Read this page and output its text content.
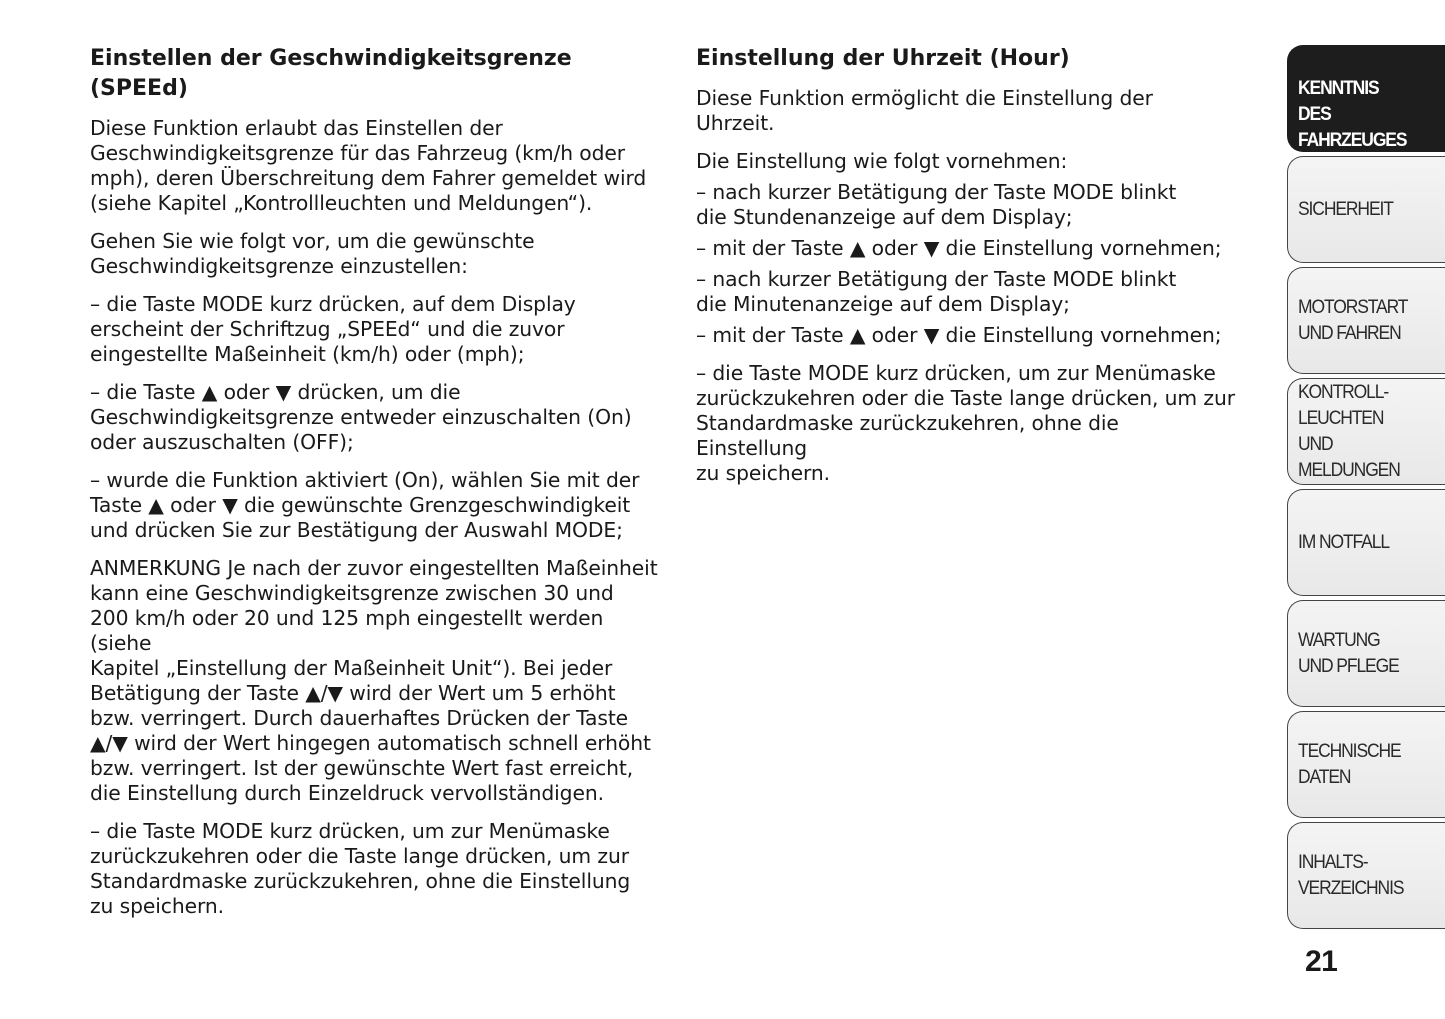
Einstellen der Geschwindigkeitsgrenze (SPEEd)

Diese Funktion erlaubt das Einstellen der
Geschwindigkeitsgrenze für das Fahrzeug (km/h oder
mph), deren Überschreitung dem Fahrer gemeldet wird
(siehe Kapitel „Kontrollleuchten und Meldungen“).

Gehen Sie wie folgt vor, um die gewünschte
Geschwindigkeitsgrenze einzustellen:

– die Taste MODE kurz drücken, auf dem Display
erscheint der Schriftzug „SPEEd“ und die zuvor
eingestellte Maßeinheit (km/h) oder (mph);

– die Taste ▲ oder ▼ drücken, um die
Geschwindigkeitsgrenze entweder einzuschalten (On)
oder auszuschalten (OFF);

– wurde die Funktion aktiviert (On), wählen Sie mit der
Taste ▲ oder ▼ die gewünschte Grenzgeschwindigkeit
und drücken Sie zur Bestätigung der Auswahl MODE;

ANMERKUNG Je nach der zuvor eingestellten Maßeinheit
kann eine Geschwindigkeitsgrenze zwischen 30 und
200 km/h oder 20 und 125 mph eingestellt werden (siehe
Kapitel „Einstellung der Maßeinheit Unit“). Bei jeder
Betätigung der Taste ▲/▼ wird der Wert um 5 erhöht
bzw. verringert. Durch dauerhaftes Drücken der Taste
▲/▼ wird der Wert hingegen automatisch schnell erhöht
bzw. verringert. Ist der gewünschte Wert fast erreicht,
die Einstellung durch Einzeldruck vervollständigen.

– die Taste MODE kurz drücken, um zur Menümaske
zurückzukehren oder die Taste lange drücken, um zur
Standardmaske zurückzukehren, ohne die Einstellung
zu speichern.

Einstellung der Uhrzeit (Hour)

Diese Funktion ermöglicht die Einstellung der Uhrzeit.

Die Einstellung wie folgt vornehmen:

– nach kurzer Betätigung der Taste MODE blinkt
die Stundenanzeige auf dem Display;

– mit der Taste ▲ oder ▼ die Einstellung vornehmen;

– nach kurzer Betätigung der Taste MODE blinkt
die Minutenanzeige auf dem Display;

– mit der Taste ▲ oder ▼ die Einstellung vornehmen;

– die Taste MODE kurz drücken, um zur Menümaske
zurückzukehren oder die Taste lange drücken, um zur
Standardmaske zurückzukehren, ohne die Einstellung
zu speichern.

KENNTNIS
DES FAHRZEUGES
SICHERHEIT
MOTORSTART
UND FAHREN
KONTROLL-
LEUCHTEN
UND MELDUNGEN
IM NOTFALL
WARTUNG
UND PFLEGE
TECHNISCHE
DATEN
INHALTS-
VERZEICHNIS
21
